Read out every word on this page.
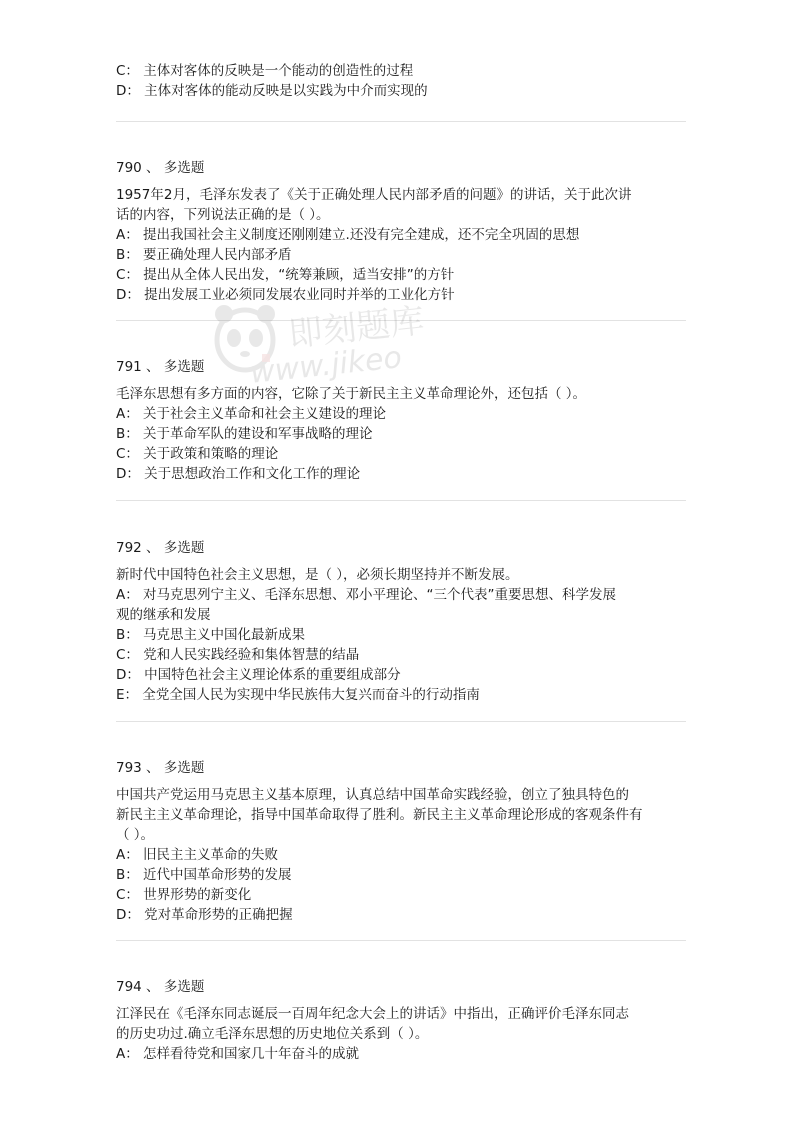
C： 主体对客体的反映是一个能动的创造性的过程
D： 主体对客体的能动反映是以实践为中介而实现的
790 、 多选题
1957年2月，毛泽东发表了《关于正确处理人民内部矛盾的问题》的讲话，关于此次讲
话的内容，下列说法正确的是（ ）。
A： 提出我国社会主义制度还刚刚建立.还没有完全建成，还不完全巩固的思想
B： 要正确处理人民内部矛盾
C： 提出从全体人民出发，“统筹兼顾，适当安排”的方针
D： 提出发展工业必须同发展农业同时并举的工业化方针
791 、 多选题
毛泽东思想有多方面的内容，它除了关于新民主主义革命理论外，还包括（ ）。
A： 关于社会主义革命和社会主义建设的理论
B： 关于革命军队的建设和军事战略的理论
C： 关于政策和策略的理论
D： 关于思想政治工作和文化工作的理论
792 、 多选题
新时代中国特色社会主义思想，是（ ），必须长期坚持并不断发展。
A： 对马克思列宁主义、毛泽东思想、邓小平理论、“三个代表”重要思想、科学发展
观的继承和发展
B： 马克思主义中国化最新成果
C： 党和人民实践经验和集体智慧的结晶
D： 中国特色社会主义理论体系的重要组成部分
E： 全党全国人民为实现中华民族伟大复兴而奋斗的行动指南
793 、 多选题
中国共产党运用马克思主义基本原理，认真总结中国革命实践经验，创立了独具特色的
新民主主义革命理论，指导中国革命取得了胜利。新民主主义革命理论形成的客观条件有
（ ）。
A： 旧民主主义革命的失败
B： 近代中国革命形势的发展
C： 世界形势的新变化
D： 党对革命形势的正确把握
794 、 多选题
江泽民在《毛泽东同志诞辰一百周年纪念大会上的讲话》中指出，正确评价毛泽东同志
的历史功过.确立毛泽东思想的历史地位关系到（ ）。
A： 怎样看待党和国家几十年奋斗的成就
即刻题库
www.jikeo
